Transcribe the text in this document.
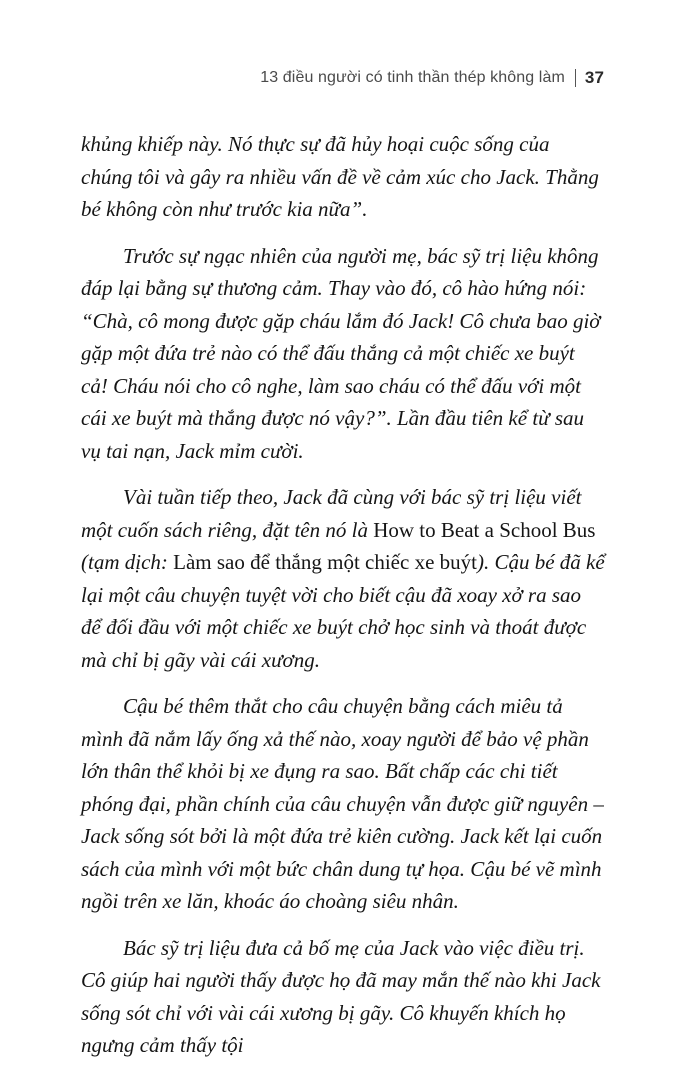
13 điều người có tinh thần thép không làm 37

khủng khiếp này. Nó thực sự đã hủy hoại cuộc sống của chúng tôi và gây ra nhiều vấn đề về cảm xúc cho Jack. Thằng bé không còn như trước kia nữa”.

Trước sự ngạc nhiên của người mẹ, bác sỹ trị liệu không đáp lại bằng sự thương cảm. Thay vào đó, cô hào hứng nói: “Chà, cô mong được gặp cháu lắm đó Jack! Cô chưa bao giờ gặp một đứa trẻ nào có thể đấu thắng cả một chiếc xe buýt cả! Cháu nói cho cô nghe, làm sao cháu có thể đấu với một cái xe buýt mà thắng được nó vậy?”. Lần đầu tiên kể từ sau vụ tai nạn, Jack mỉm cười.

Vài tuần tiếp theo, Jack đã cùng với bác sỹ trị liệu viết một cuốn sách riêng, đặt tên nó là How to Beat a School Bus (tạm dịch: Làm sao để thắng một chiếc xe buýt). Cậu bé đã kể lại một câu chuyện tuyệt vời cho biết cậu đã xoay xở ra sao để đối đầu với một chiếc xe buýt chở học sinh và thoát được mà chỉ bị gãy vài cái xương.

Cậu bé thêm thắt cho câu chuyện bằng cách miêu tả mình đã nắm lấy ống xả thế nào, xoay người để bảo vệ phần lớn thân thể khỏi bị xe đụng ra sao. Bất chấp các chi tiết phóng đại, phần chính của câu chuyện vẫn được giữ nguyên – Jack sống sót bởi là một đứa trẻ kiên cường. Jack kết lại cuốn sách của mình với một bức chân dung tự họa. Cậu bé vẽ mình ngồi trên xe lăn, khoác áo choàng siêu nhân.

Bác sỹ trị liệu đưa cả bố mẹ của Jack vào việc điều trị. Cô giúp hai người thấy được họ đã may mắn thế nào khi Jack sống sót chỉ với vài cái xương bị gãy. Cô khuyến khích họ ngưng cảm thấy tội
